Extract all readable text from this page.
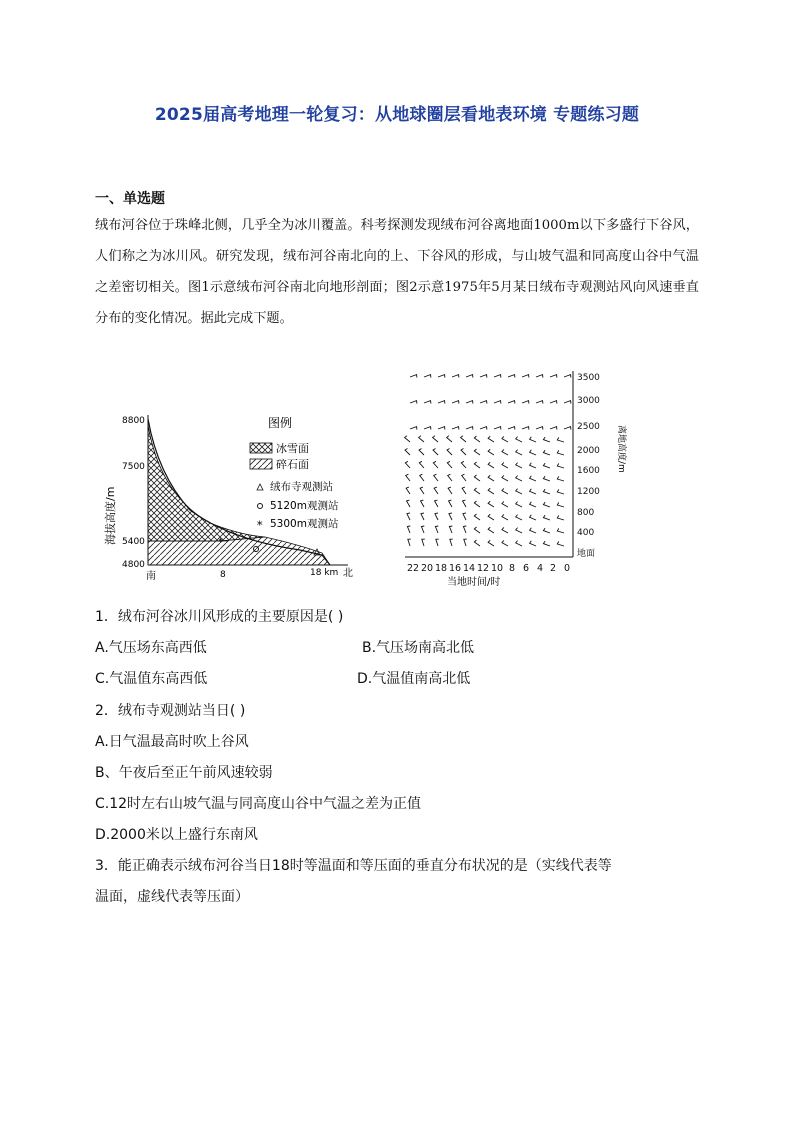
2025届高考地理一轮复习：从地球圈层看地表环境 专题练习题
一、单选题
绒布河谷位于珠峰北侧，几乎全为冰川覆盖。科考探测发现绒布河谷离地面1000m以下多盛行下谷风，人们称之为冰川风。研究发现，绒布河谷南北向的上、下谷风的形成，与山坡气温和同高度山谷中气温之差密切相关。图1示意绒布河谷南北向地形剖面；图2示意1975年5月某日绒布寺观测站风向风速垂直分布的变化情况。据此完成下题。
8800
7500
5400
4800
海拔高度/m	*
南	8	18 km 北
图例
冰雪面
碎石面
绒布寺观测站
5120m观测站
* 5300m观测站
3500
3000
2500
2000
1600
1200
800
400
地面
离地高度/m
22 20 18 16 14 12 10 8 6 4 2 0
当地时间/时
1．绒布河谷冰川风形成的主要原因是( )
A.气压场东高西低	B.气压场南高北低
C.气温值东高西低	D.气温值南高北低
2．绒布寺观测站当日( )
A.日气温最高时吹上谷风
B、午夜后至正午前风速较弱
C.12时左右山坡气温与同高度山谷中气温之差为正值
D.2000米以上盛行东南风
3．能正确表示绒布河谷当日18时等温面和等压面的垂直分布状况的是（实线代表等
温面，虚线代表等压面）
